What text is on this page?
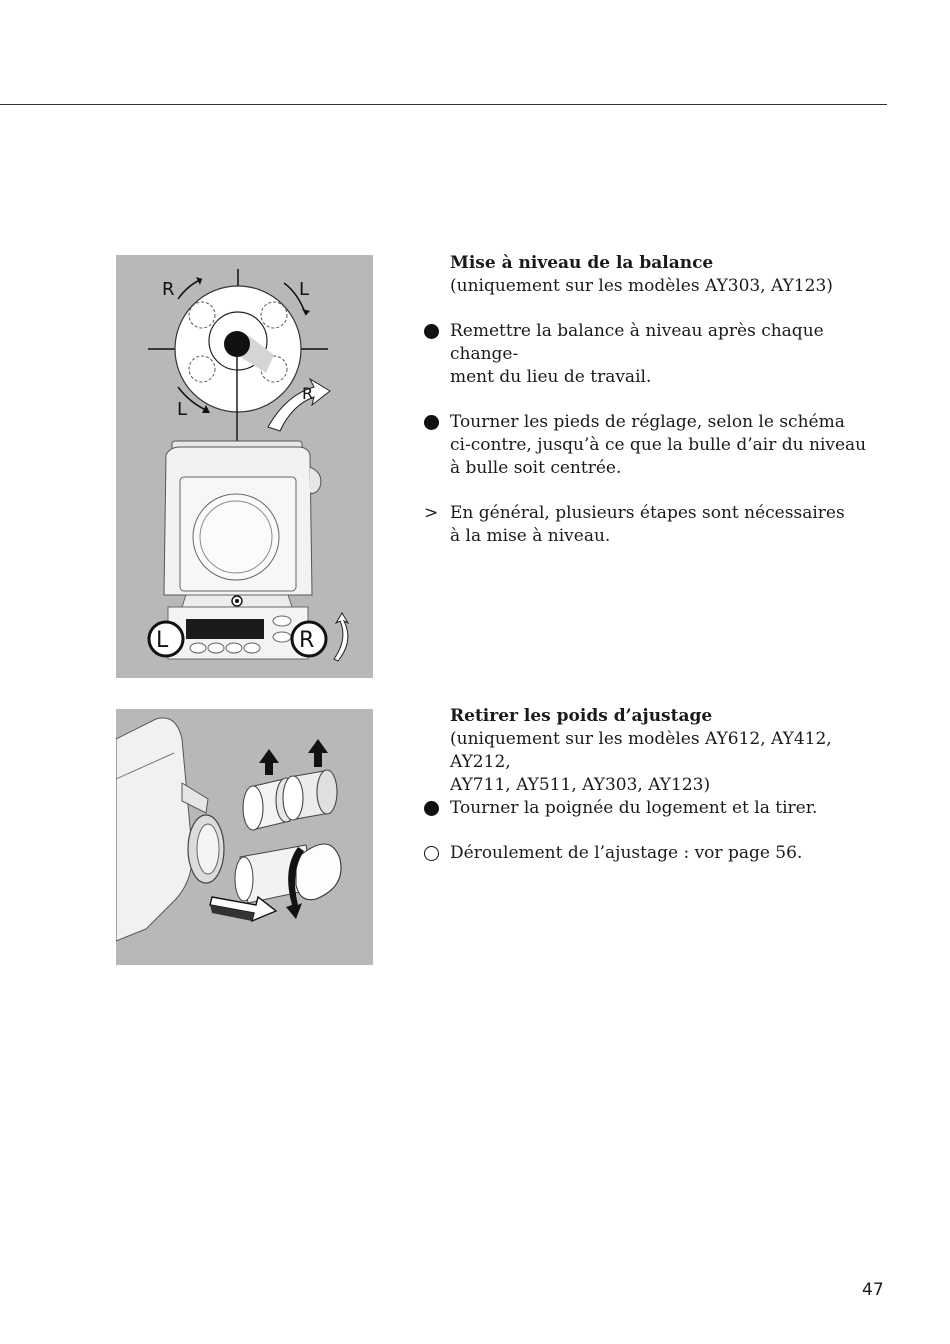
R	L
L
R
L	R
Mise à niveau de la balance
(uniquement sur les modèles AY303, AY123)
Remettre la balance à niveau après chaque change-
ment du lieu de travail.
Tourner les pieds de réglage, selon le schéma
ci-contre, jusqu’à ce que la bulle d’air du niveau
à bulle soit centrée.
> En général, plusieurs étapes sont nécessaires
à la mise à niveau.
Retirer les poids d’ajustage
(uniquement sur les modèles AY612, AY412, AY212,
AY711, AY511, AY303, AY123)
Tourner la poignée du logement et la tirer.
Déroulement de l’ajustage : vor page 56.
47
